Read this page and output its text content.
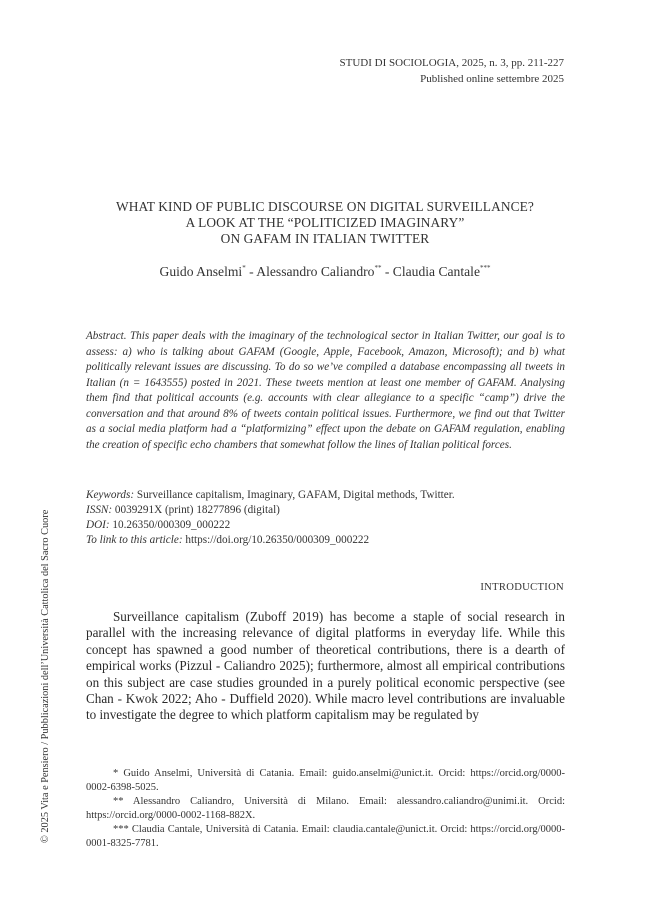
STUDI DI SOCIOLOGIA, 2025, n. 3, pp. 211-227
Published online settembre 2025
WHAT KIND OF PUBLIC DISCOURSE ON DIGITAL SURVEILLANCE?
A LOOK AT THE “POLITICIZED IMAGINARY”
ON GAFAM IN ITALIAN TWITTER
Guido Anselmi* - Alessandro Caliandro** - Claudia Cantale***
Abstract. This paper deals with the imaginary of the technological sector in Italian Twitter, our goal is to assess: a) who is talking about GAFAM (Google, Apple, Facebook, Amazon, Microsoft); and b) what politically relevant issues are discussing. To do so we’ve compiled a database encompassing all tweets in Italian (n = 1643555) posted in 2021. These tweets mention at least one member of GAFAM. Analysing them find that political accounts (e.g. accounts with clear allegiance to a specific “camp”) drive the conversation and that around 8% of tweets contain political issues. Furthermore, we find out that Twitter as a social media platform had a “platformizing” effect upon the debate on GAFAM regulation, enabling the creation of specific echo chambers that somewhat follow the lines of Italian political forces.
Keywords: Surveillance capitalism, Imaginary, GAFAM, Digital methods, Twitter.
ISSN: 0039291X (print) 18277896 (digital)
DOI: 10.26350/000309_000222
To link to this article: https://doi.org/10.26350/000309_000222
INTRODUCTION
Surveillance capitalism (Zuboff 2019) has become a staple of social research in parallel with the increasing relevance of digital platforms in everyday life. While this concept has spawned a good number of theoretical contributions, there is a dearth of empirical works (Pizzul - Caliandro 2025); furthermore, almost all empirical contributions on this subject are case studies grounded in a purely political economic perspective (see Chan - Kwok 2022; Aho - Duffield 2020). While macro level contributions are invaluable to investigate the degree to which platform capitalism may be regulated by
* Guido Anselmi, Università di Catania. Email: guido.anselmi@unict.it. Orcid: https://orcid.org/0000-0002-6398-5025.
** Alessandro Caliandro, Università di Milano. Email: alessandro.caliandro@unimi.it. Orcid: https://orcid.org/0000-0002-1168-882X.
*** Claudia Cantale, Università di Catania. Email: claudia.cantale@unict.it. Orcid: https://orcid.org/0000-0001-8325-7781.
© 2025 Vita e Pensiero / Pubblicazioni dell’Università Cattolica del Sacro Cuore
